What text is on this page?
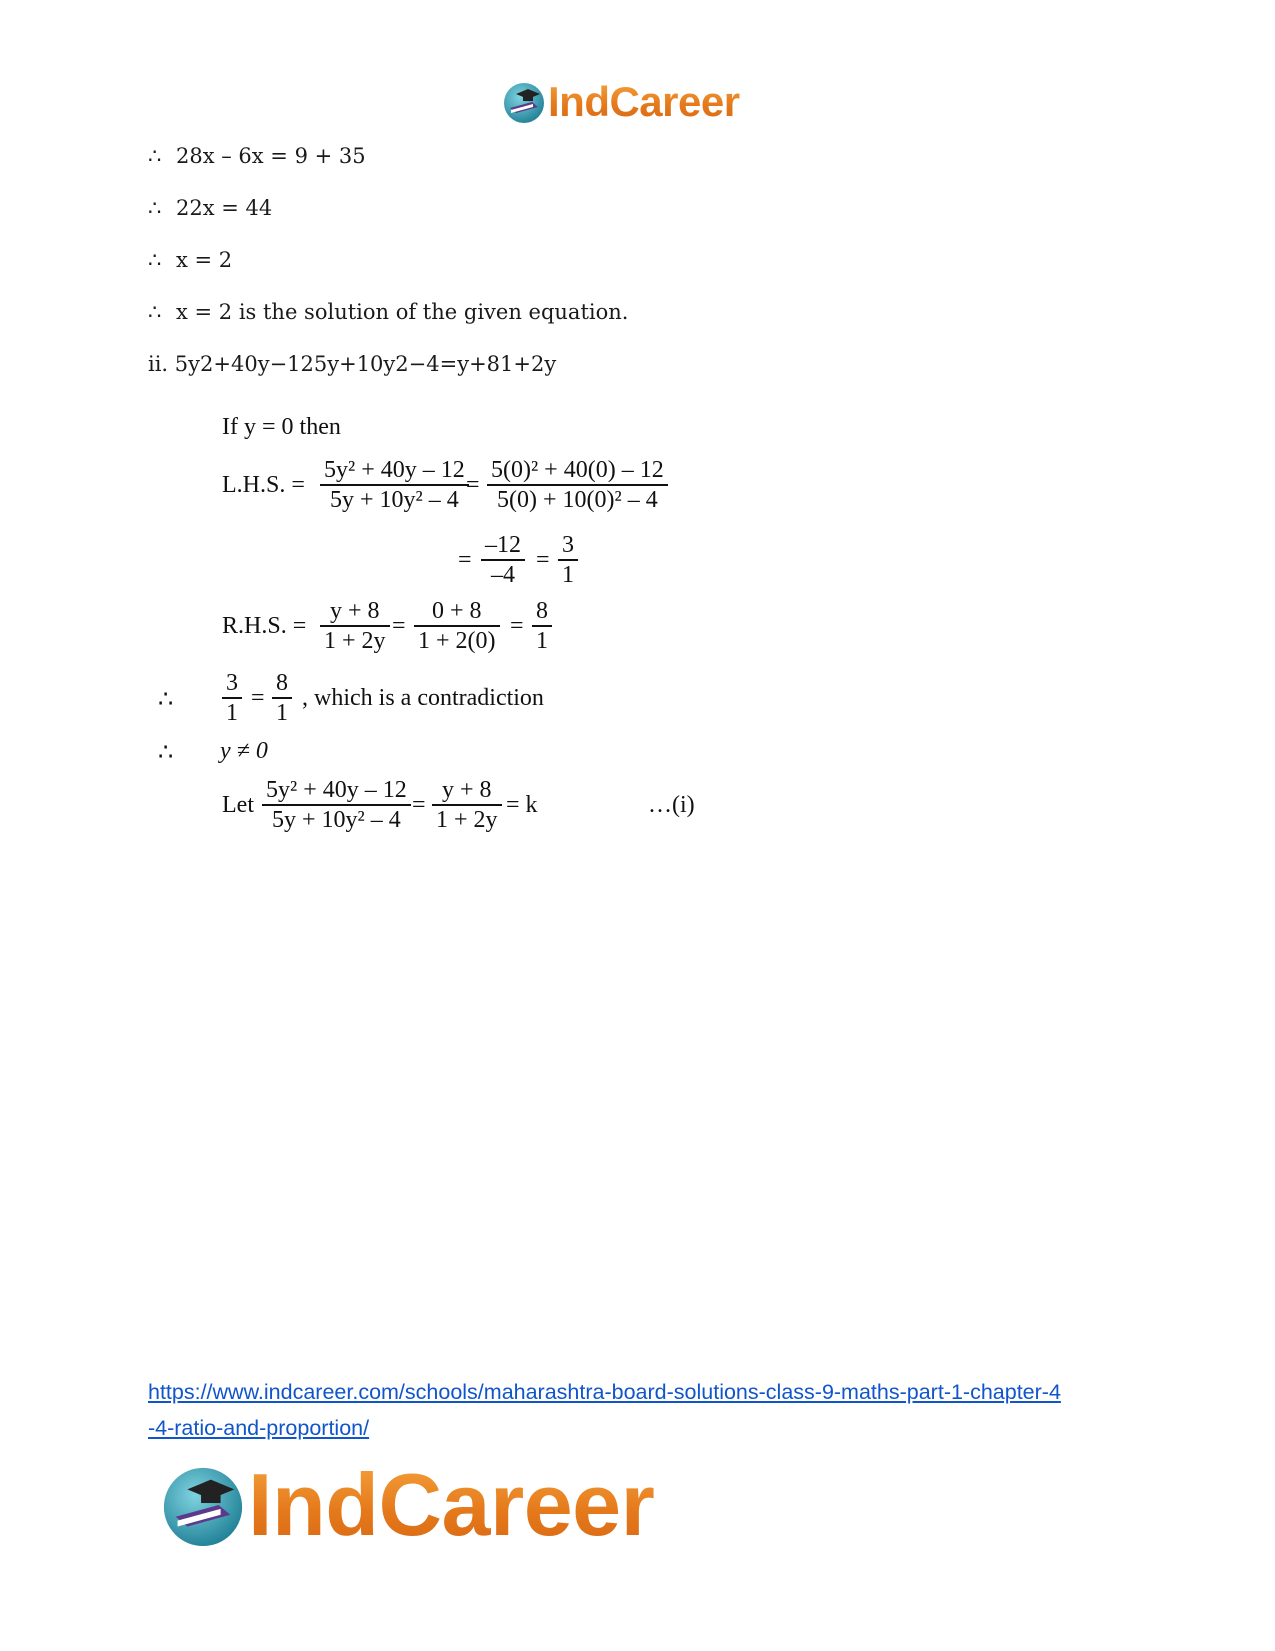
IndCareer
∴ 28x – 6x = 9 + 35
∴ 22x = 44
∴ x = 2
∴ x = 2 is the solution of the given equation.
ii. 5y2+40y−125y+10y2−4=y+81+2y
If y = 0 then
L.H.S. =
5y² + 40y – 12
5y + 10y² – 4
=
5(0)² + 40(0) – 12
5(0) + 10(0)² – 4
=
–12
–4
=
3
1
R.H.S. =
y + 8
1 + 2y
=
0 + 8
1 + 2(0)
=
8
1
∴
3
1
=
8
1
, which is a contradiction
∴ y ≠ 0
Let
5y² + 40y – 12
5y + 10y² – 4
=
y + 8
1 + 2y
= k	…(i)
https://www.indcareer.com/schools/maharashtra-board-solutions-class-9-maths-part-1-chapter-4
-4-ratio-and-proportion/
IndCareer
